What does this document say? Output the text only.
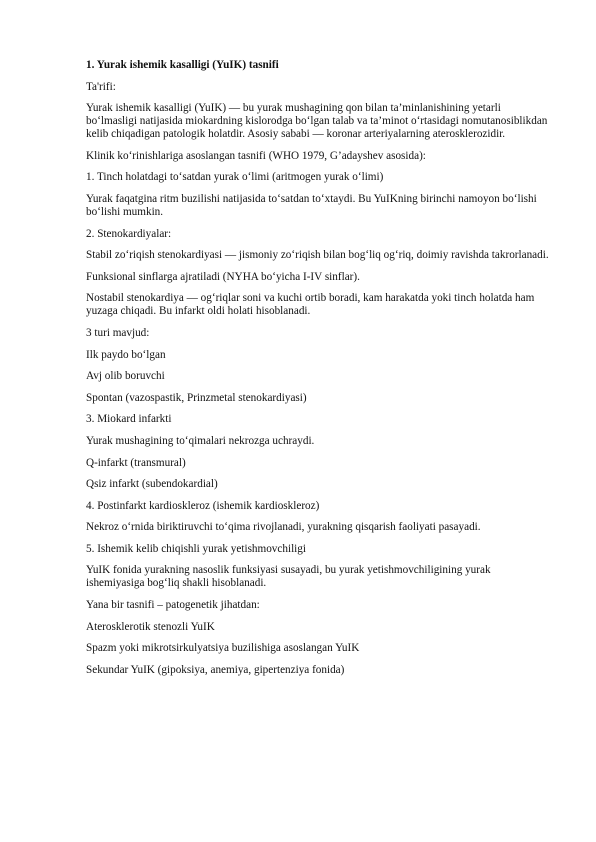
1. Yurak ishemik kasalligi (YuIK) tasnifi

Ta'rifi:

Yurak ishemik kasalligi (YuIK) — bu yurak mushagining qon bilan ta’minlanishining yetarli bo‘lmasligi natijasida miokardning kislorodga bo‘lgan talab va ta’minot o‘rtasidagi nomutanosiblikdan kelib chiqadigan patologik holatdir. Asosiy sababi — koronar arteriyalarning aterosklerozidir.

Klinik ko‘rinishlariga asoslangan tasnifi (WHO 1979, G’adayshev asosida):

1. Tinch holatdagi to‘satdan yurak o‘limi (aritmogen yurak o‘limi)

Yurak faqatgina ritm buzilishi natijasida to‘satdan to‘xtaydi. Bu YuIKning birinchi namoyon bo‘lishi bo‘lishi mumkin.

2. Stenokardiyalar:

Stabil zo‘riqish stenokardiyasi — jismoniy zo‘riqish bilan bog‘liq og‘riq, doimiy ravishda takrorlanadi.

Funksional sinflarga ajratiladi (NYHA bo‘yicha I-IV sinflar).

Nostabil stenokardiya — og‘riqlar soni va kuchi ortib boradi, kam harakatda yoki tinch holatda ham yuzaga chiqadi. Bu infarkt oldi holati hisoblanadi.

3 turi mavjud:

Ilk paydo bo‘lgan

Avj olib boruvchi

Spontan (vazospastik, Prinzmetal stenokardiyasi)

3. Miokard infarkti

Yurak mushagining to‘qimalari nekrozga uchraydi.

Q-infarkt (transmural)

Qsiz infarkt (subendokardial)

4. Postinfarkt kardioskleroz (ishemik kardioskleroz)

Nekroz o‘rnida biriktiruvchi to‘qima rivojlanadi, yurakning qisqarish faoliyati pasayadi.

5. Ishemik kelib chiqishli yurak yetishmovchiligi

YuIK fonida yurakning nasoslik funksiyasi susayadi, bu yurak yetishmovchiligining yurak ishemiyasiga bog‘liq shakli hisoblanadi.

Yana bir tasnifi – patogenetik jihatdan:

Aterosklerotik stenozli YuIK

Spazm yoki mikrotsirkulyatsiya buzilishiga asoslangan YuIK

Sekundar YuIK (gipoksiya, anemiya, gipertenziya fonida)
